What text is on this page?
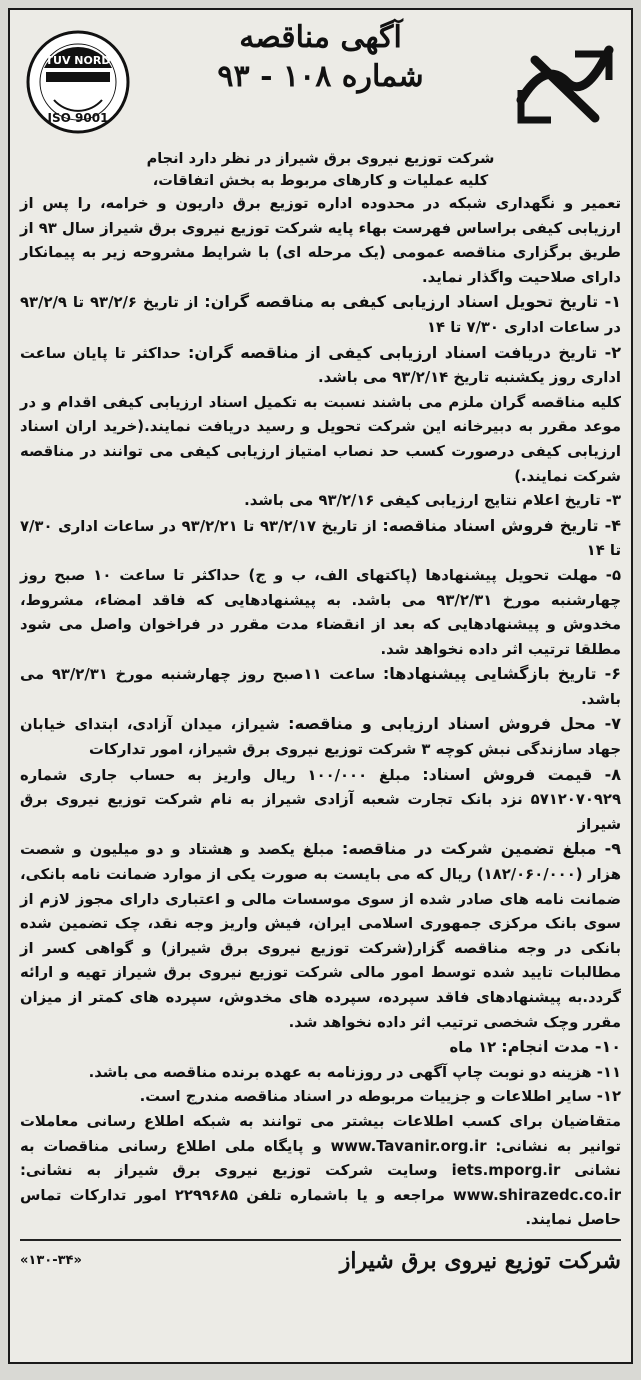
TUV NORD
ISO 9001
آگهی مناقصه
شماره ۱۰۸ - ۹۳
شرکت توزیع نیروی برق شیراز در نظر دارد انجام
کلیه عملیات و کارهای مربوط به بخش اتفاقات،

تعمیر و نگهداری شبکه در محدوده اداره توزیع برق داریون و خرامه، را پس از ارزیابی کیفی براساس فهرست بهاء پایه شرکت توزیع نیروی برق شیراز سال ۹۳ از طریق برگزاری مناقصه عمومی (یک مرحله ای) با شرایط مشروحه زیر به پیمانکار دارای صلاحیت واگذار نماید.

۱- تاریخ تحویل اسناد ارزیابی کیفی به مناقصه گران: از تاریخ ۹۳/۲/۶ تا ۹۳/۲/۹ در ساعات اداری ۷/۳۰ تا ۱۴

۲- تاریخ دریافت اسناد ارزیابی کیفی از مناقصه گران: حداکثر تا پایان ساعت اداری روز یکشنبه تاریخ ۹۳/۲/۱۴ می باشد.

کلیه مناقصه گران ملزم می باشند نسبت به تکمیل اسناد ارزیابی کیفی اقدام و در موعد مقرر به دبیرخانه این شرکت تحویل و رسید دریافت نمایند.(خرید اران اسناد ارزیابی کیفی درصورت کسب حد نصاب امتیاز ارزیابی کیفی می توانند در مناقصه شرکت نمایند.)

۳- تاریخ اعلام نتایج ارزیابی کیفی ۹۳/۲/۱۶ می باشد.

۴- تاریخ فروش اسناد مناقصه: از تاریخ ۹۳/۲/۱۷ تا ۹۳/۲/۲۱ در ساعات اداری ۷/۳۰ تا ۱۴

۵- مهلت تحویل پیشنهادها (پاکتهای الف، ب و ج) حداکثر تا ساعت ۱۰ صبح روز چهارشنبه مورخ ۹۳/۲/۳۱ می باشد. به پیشنهادهایی که فاقد امضاء، مشروط، مخدوش و پیشنهادهایی که بعد از انقضاء مدت مقرر در فراخوان واصل می شود مطلقا ترتیب اثر داده نخواهد شد.

۶- تاریخ بازگشایی پیشنهادها: ساعت ۱۱صبح روز چهارشنبه مورخ ۹۳/۲/۳۱ می باشد.

۷- محل فروش اسناد ارزیابی و مناقصه: شیراز، میدان آزادی، ابتدای خیابان جهاد سازندگی نبش کوچه ۳ شرکت توزیع نیروی برق شیراز، امور تدارکات

۸- قیمت فروش اسناد: مبلغ ۱۰۰/۰۰۰ ریال واریز به حساب جاری شماره ۵۷۱۲۰۷۰۹۲۹ نزد بانک تجارت شعبه آزادی شیراز به نام شرکت توزیع نیروی برق شیراز

۹- مبلغ تضمین شرکت در مناقصه: مبلغ یکصد و هشتاد و دو میلیون و شصت هزار (۱۸۲/۰۶۰/۰۰۰) ریال که می بایست به صورت یکی از موارد ضمانت نامه بانکی، ضمانت نامه های صادر شده از سوی موسسات مالی و اعتباری دارای مجوز لازم از سوی بانک مرکزی جمهوری اسلامی ایران، فیش واریز وجه نقد، چک تضمین شده بانکی در وجه مناقصه گزار(شرکت توزیع نیروی برق شیراز) و گواهی کسر از مطالبات تایید شده توسط امور مالی شرکت توزیع نیروی برق شیراز تهیه و ارائه گردد.به پیشنهادهای فاقد سپرده، سپرده های مخدوش، سپرده های کمتر از میزان مقرر وچک شخصی ترتیب اثر داده نخواهد شد.

۱۰- مدت انجام: ۱۲ ماه

۱۱- هزینه دو نوبت چاپ آگهی در روزنامه به عهده برنده مناقصه می باشد.

۱۲- سایر اطلاعات و جزییات مربوطه در اسناد مناقصه مندرج است.

متقاضیان برای کسب اطلاعات بیشتر می توانند به شبکه اطلاع رسانی معاملات توانیر به نشانی: www.Tavanir.org.ir و پایگاه ملی اطلاع رسانی مناقصات به نشانی iets.mporg.ir وسایت شرکت توزیع نیروی برق شیراز به نشانی: www.shirazedc.co.ir مراجعه و یا باشماره تلفن ۲۲۹۹۶۸۵ امور تدارکات تماس حاصل نمایند.

شرکت توزیع نیروی برق شیراز
«۱۳۰-۳۴»
